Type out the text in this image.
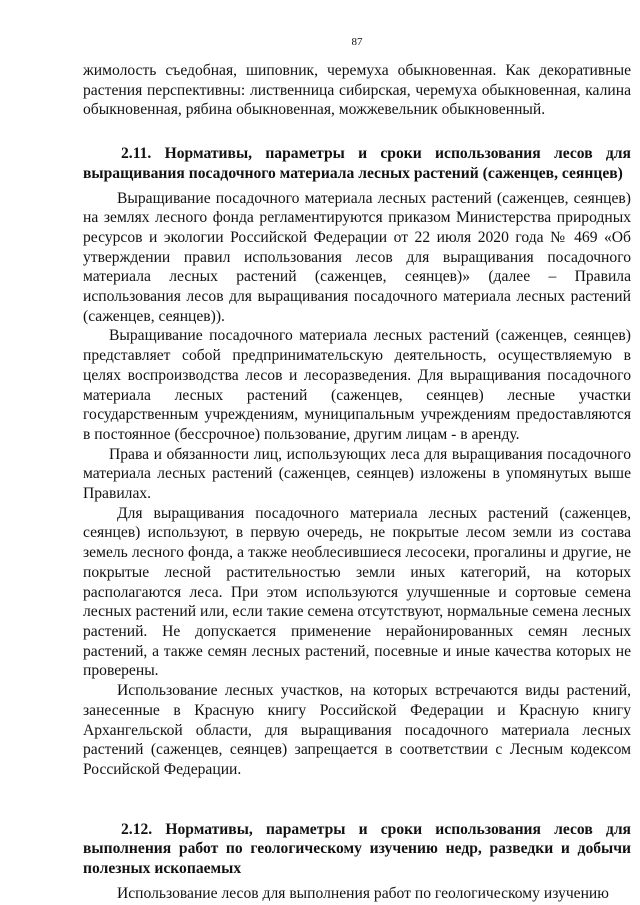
87

жимолость съедобная, шиповник, черемуха обыкновенная. Как декоративные растения перспективны: лиственница сибирская, черемуха обыкновенная, калина обыкновенная, рябина обыкновенная, можжевельник обыкновенный.

2.11. Нормативы, параметры и сроки использования лесов для выращивания посадочного материала лесных растений (саженцев, сеянцев)

Выращивание посадочного материала лесных растений (саженцев, сеянцев) на землях лесного фонда регламентируются приказом Министерства природных ресурсов и экологии Российской Федерации от 22 июля 2020 года № 469 «Об утверждении правил использования лесов для выращивания посадочного материала лесных растений (саженцев, сеянцев)» (далее – Правила использования лесов для выращивания посадочного материала лесных растений (саженцев, сеянцев)).

Выращивание посадочного материала лесных растений (саженцев, сеянцев) представляет собой предпринимательскую деятельность, осуществляемую в целях воспроизводства лесов и лесоразведения. Для выращивания посадочного материала лесных растений (саженцев, сеянцев) лесные участки государственным учреждениям, муниципальным учреждениям предоставляются в постоянное (бессрочное) пользование, другим лицам - в аренду.

Права и обязанности лиц, использующих леса для выращивания посадочного материала лесных растений (саженцев, сеянцев) изложены в упомянутых выше Правилах.

Для выращивания посадочного материала лесных растений (саженцев, сеянцев) используют, в первую очередь, не покрытые лесом земли из состава земель лесного фонда, а также необлесившиеся лесосеки, прогалины и другие, не покрытые лесной растительностью земли иных категорий, на которых располагаются леса. При этом используются улучшенные и сортовые семена лесных растений или, если такие семена отсутствуют, нормальные семена лесных растений. Не допускается применение нерайонированных семян лесных растений, а также семян лесных растений, посевные и иные качества которых не проверены.

Использование лесных участков, на которых встречаются виды растений, занесенные в Красную книгу Российской Федерации и Красную книгу Архангельской области, для выращивания посадочного материала лесных растений (саженцев, сеянцев) запрещается в соответствии с Лесным кодексом Российской Федерации.

2.12. Нормативы, параметры и сроки использования лесов для выполнения работ по геологическому изучению недр, разведки и добычи полезных ископаемых

Использование лесов для выполнения работ по геологическому изучению
